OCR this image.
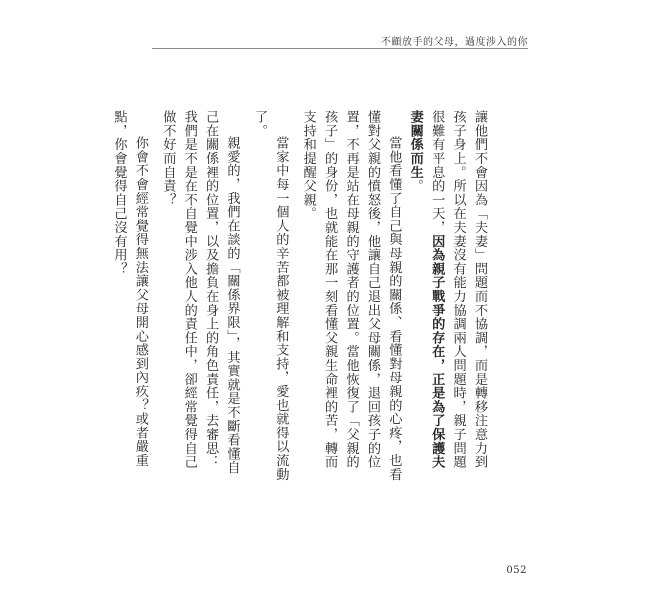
不顧放手的父母，過度涉入的你

讓他們不會因為「夫妻」問題而不協調，而是轉移注意力到孩子身上。所以在夫妻沒有能力協調兩人問題時，親子問題很難有平息的一天，因為親子戰爭的存在，正是為了保護夫妻關係而生。

當他看懂了自己與母親的關係、看懂對母親的心疼，也看懂對父親的憤怒後，他讓自己退出父母關係，退回孩子的位置，不再是站在母親的守護者的位置。當他恢復了「父親的孩子」的身份，也就能在那一刻看懂父親生命裡的苦，轉而支持和提醒父親。

當家中每一個人的辛苦都被理解和支持，愛也就得以流動了。

親愛的，我們在談的「關係界限」，其實就是不斷看懂自己在關係裡的位置，以及擔負在身上的角色責任，去審思：我們是不是在不自覺中涉入他人的責任中，卻經常覺得自己做不好而自責？

你會不會經常覺得無法讓父母開心感到內疚？或者嚴重點，你會覺得自己沒有用？

052
